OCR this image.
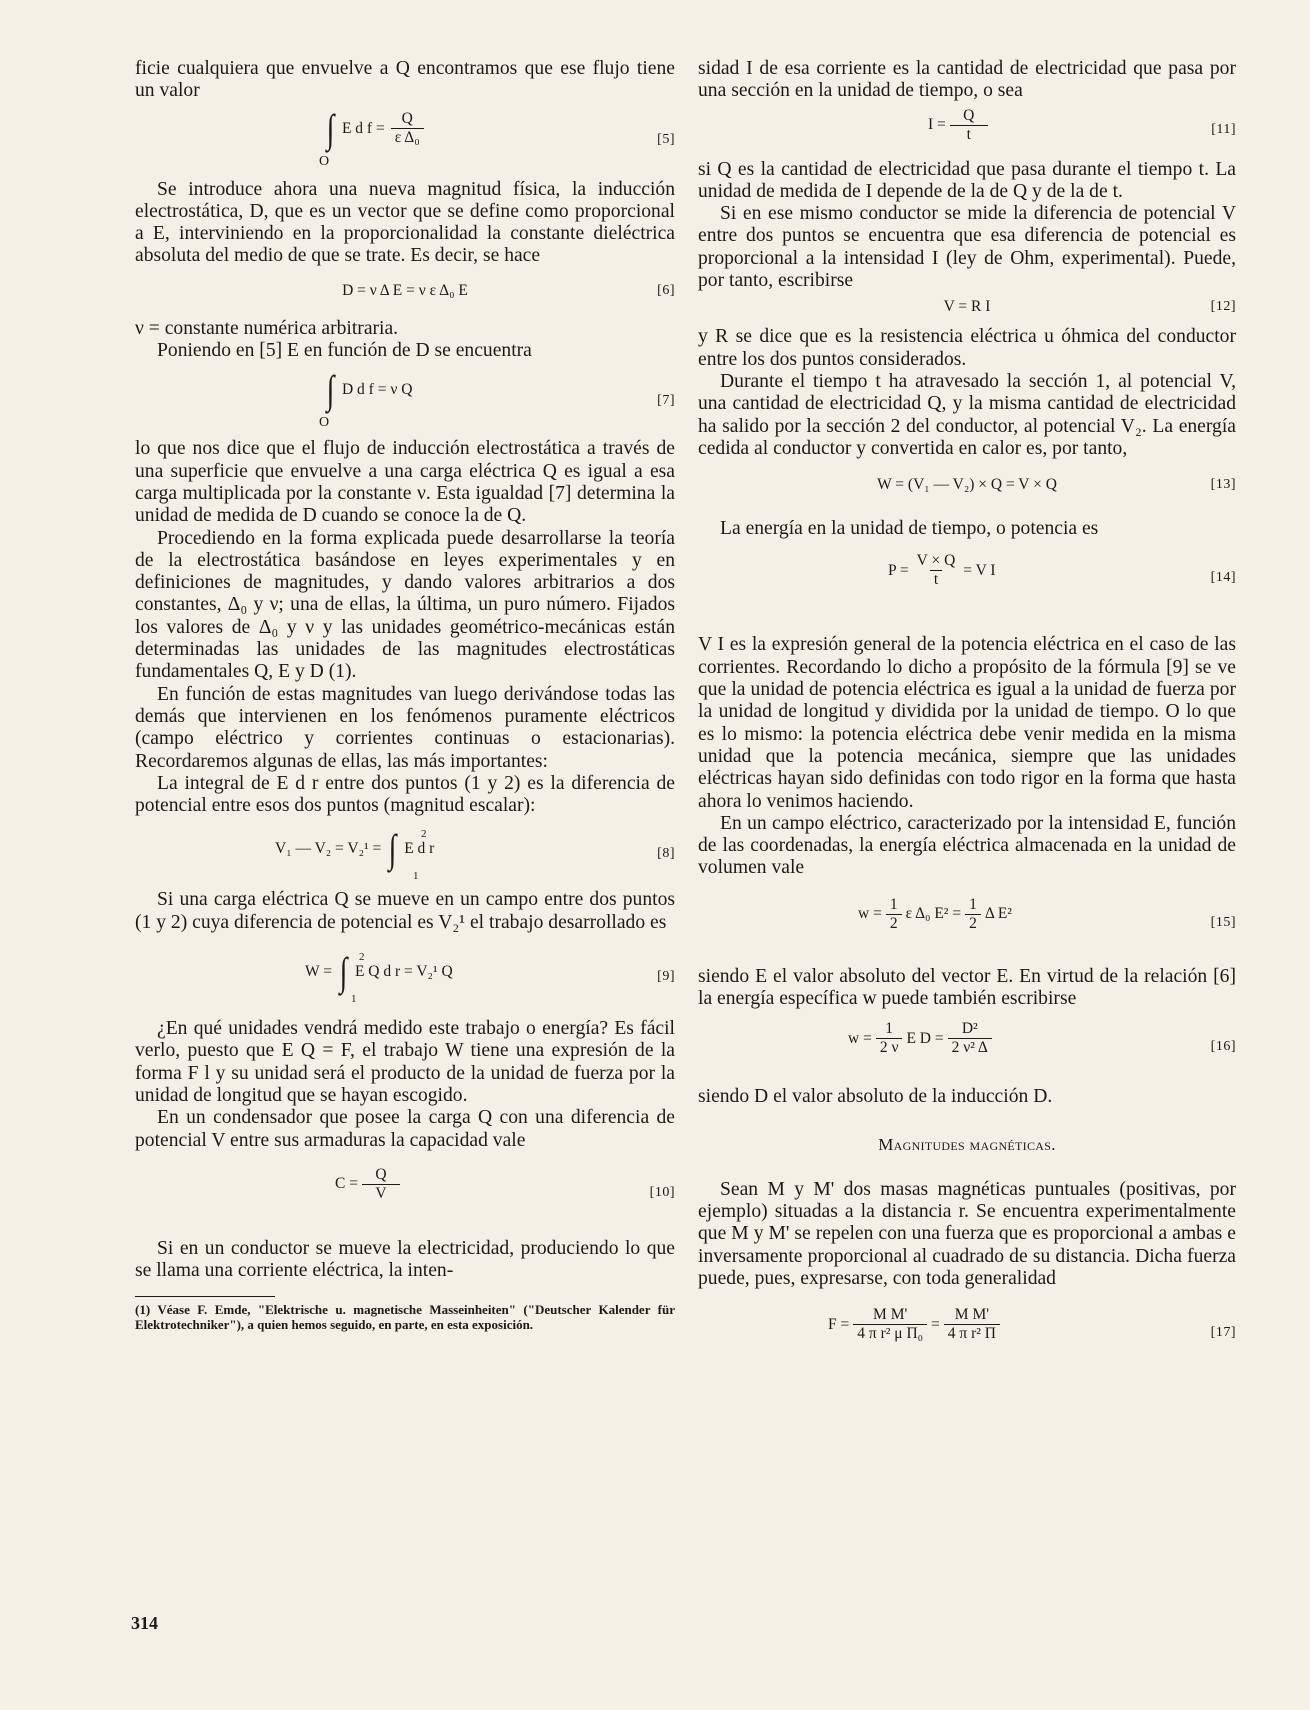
ficie cualquiera que envuelve a Q encontramos que ese flujo tiene un valor

∫ E d $f = \frac{Q}{\text{ε Δ₀}}$
O
[5]

Se introduce ahora una nueva magnitud física, la inducción electrostática, D, que es un vector que se define como proporcional a E, interviniendo en la proporcionalidad la constante dieléctrica absoluta del medio de que se trate. Es decir, se hace

D = ν Δ E = ν ε Δ₀ E	[6]

ν = constante numérica arbitraria.

Poniendo en [5] E en función de D se encuentra

∫ D d f = ν Q
O
[7]

lo que nos dice que el flujo de inducción electrostática a través de una superficie que envuelve a una carga eléctrica Q es igual a esa carga multiplicada por la constante ν. Esta igualdad [7] determina la unidad de medida de D cuando se conoce la de Q.

Procediendo en la forma explicada puede desarrollarse la teoría de la electrostática basándose en leyes experimentales y en definiciones de magnitudes, y dando valores arbitrarios a dos constantes, Δ₀ y ν; una de ellas, la última, un puro número. Fijados los valores de Δ₀ y ν y las unidades geométrico-mecánicas están determinadas las unidades de las magnitudes electrostáticas fundamentales Q, E y D (1).

En función de estas magnitudes van luego derivándose todas las demás que intervienen en los fenómenos puramente eléctricos (campo eléctrico y corrientes continuas o estacionarias). Recordaremos algunas de ellas, las más importantes:

La integral de E d r entre dos puntos (1 y 2) es la diferencia de potencial entre esos dos puntos (magnitud escalar):

V₁ — V₂ = V₂¹ = ∫ E d r
2
1
[8]

Si una carga eléctrica Q se mueve en un campo entre dos puntos (1 y 2) cuya diferencia de potencial es V₂¹ el trabajo desarrollado es

W = ∫ E Q d r = V₂¹ Q
2
1
[9]

¿En qué unidades vendrá medido este trabajo o energía? Es fácil verlo, puesto que E Q = F, el trabajo W tiene una expresión de la forma F l y su unidad será el producto de la unidad de fuerza por la unidad de longitud que se hayan escogido.

En un condensador que posee la carga Q con una diferencia de potencial V entre sus armaduras la capacidad vale

$C = \frac{Q}{V}$	[10]

Si en un conductor se mueve la electricidad, produciendo lo que se llama una corriente eléctrica, la inten-

(1) Véase F. Emde, "Elektrische u. magnetische Masseinheiten" ("Deutscher Kalender für Elektrotechniker"), a quien hemos seguido, en parte, en esta exposición.

sidad I de esa corriente es la cantidad de electricidad que pasa por una sección en la unidad de tiempo, o sea

$I = \frac{Q}{t}$	[11]

si Q es la cantidad de electricidad que pasa durante el tiempo t. La unidad de medida de I depende de la de Q y de la de t.

Si en ese mismo conductor se mide la diferencia de potencial V entre dos puntos se encuentra que esa diferencia de potencial es proporcional a la intensidad I (ley de Ohm, experimental). Puede, por tanto, escribirse

V = R I	[12]

y R se dice que es la resistencia eléctrica u óhmica del conductor entre los dos puntos considerados.

Durante el tiempo t ha atravesado la sección 1, al potencial V, una cantidad de electricidad Q, y la misma cantidad de electricidad ha salido por la sección 2 del conductor, al potencial V₂. La energía cedida al conductor y convertida en calor es, por tanto,

W = (V₁ — V₂) × Q = V × Q	[13]

La energía en la unidad de tiempo, o potencia es

$P = \frac{V \times Q}{t} = V$ I	[14]

V I es la expresión general de la potencia eléctrica en el caso de las corrientes. Recordando lo dicho a propósito de la fórmula [9] se ve que la unidad de potencia eléctrica es igual a la unidad de fuerza por la unidad de longitud y dividida por la unidad de tiempo. O lo que es lo mismo: la potencia eléctrica debe venir medida en la misma unidad que la potencia mecánica, siempre que las unidades eléctricas hayan sido definidas con todo rigor en la forma que hasta ahora lo venimos haciendo.

En un campo eléctrico, caracterizado por la intensidad E, función de las coordenadas, la energía eléctrica almacenada en la unidad de volumen vale

$w = \frac{1}{2}$ ε Δ₀ $E^2 = \frac{1}{2}$ Δ E²	[15]

siendo E el valor absoluto del vector E. En virtud de la relación [6] la energía específica w puede también escribirse

$w = \frac{1}{2 \nu}$ E $D = \frac{\text{D²}}{\text{2 ν² Δ}}$	[16]

siendo D el valor absoluto de la inducción D.

Magnitudes magnéticas.

Sean M y M' dos masas magnéticas puntuales (positivas, por ejemplo) situadas a la distancia r. Se encuentra experimentalmente que M y M' se repelen con una fuerza que es proporcional a ambas e inversamente proporcional al cuadrado de su distancia. Dicha fuerza puede, pues, expresarse, con toda generalidad

$F = \frac{\text{M M'}}{\text{4 π r² μ Π₀}} = \frac{\text{M M'}}{\text{4 π r² Π}}$	[17]
314
